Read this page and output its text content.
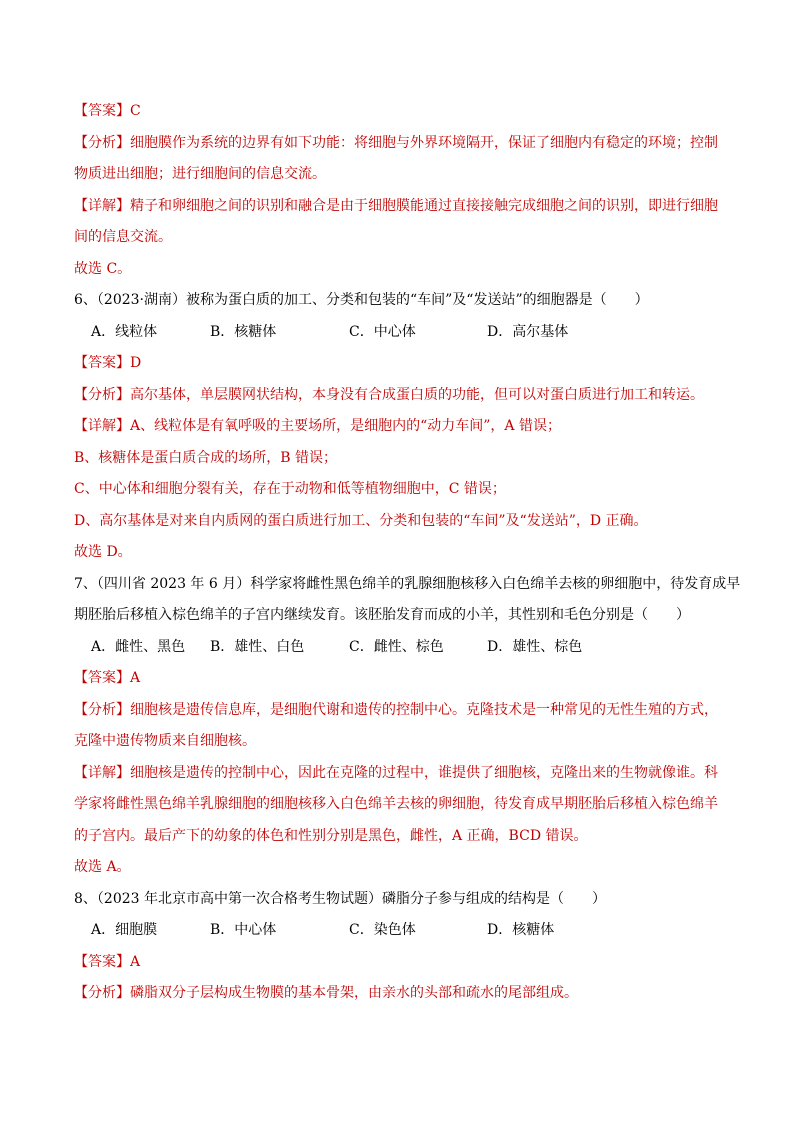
【答案】C

【分析】细胞膜作为系统的边界有如下功能：将细胞与外界环境隔开，保证了细胞内有稳定的环境；控制

物质进出细胞；进行细胞间的信息交流。

【详解】精子和卵细胞之间的识别和融合是由于细胞膜能通过直接接触完成细胞之间的识别，即进行细胞

间的信息交流。

故选 C。

6、（2023·湖南）被称为蛋白质的加工、分类和包装的“车间”及“发送站”的细胞器是（　　）

A．线粒体	B．核糖体	C．中心体	D．高尔基体

【答案】D

【分析】高尔基体，单层膜网状结构，本身没有合成蛋白质的功能，但可以对蛋白质进行加工和转运。

【详解】A、线粒体是有氧呼吸的主要场所，是细胞内的“动力车间”，A 错误；

B、核糖体是蛋白质合成的场所，B 错误；

C、中心体和细胞分裂有关，存在于动物和低等植物细胞中，C 错误；

D、高尔基体是对来自内质网的蛋白质进行加工、分类和包装的“车间”及“发送站”，D 正确。

故选 D。

7、（四川省 2023 年 6 月）科学家将雌性黑色绵羊的乳腺细胞核移入白色绵羊去核的卵细胞中，待发育成早

期胚胎后移植入棕色绵羊的子宫内继续发育。该胚胎发育而成的小羊，其性别和毛色分别是（　　）

A．雌性、黑色	B．雄性、白色	C．雌性、棕色	D．雄性、棕色

【答案】A

【分析】细胞核是遗传信息库，是细胞代谢和遗传的控制中心。克隆技术是一种常见的无性生殖的方式，

克隆中遗传物质来自细胞核。

【详解】细胞核是遗传的控制中心，因此在克隆的过程中，谁提供了细胞核，克隆出来的生物就像谁。科

学家将雌性黑色绵羊乳腺细胞的细胞核移入白色绵羊去核的卵细胞，待发育成早期胚胎后移植入棕色绵羊

的子宫内。最后产下的幼象的体色和性别分别是黑色，雌性，A 正确，BCD 错误。

故选 A。

8、（2023 年北京市高中第一次合格考生物试题）磷脂分子参与组成的结构是（　　）

A．细胞膜	B．中心体	C．染色体	D．核糖体

【答案】A

【分析】磷脂双分子层构成生物膜的基本骨架，由亲水的头部和疏水的尾部组成。
